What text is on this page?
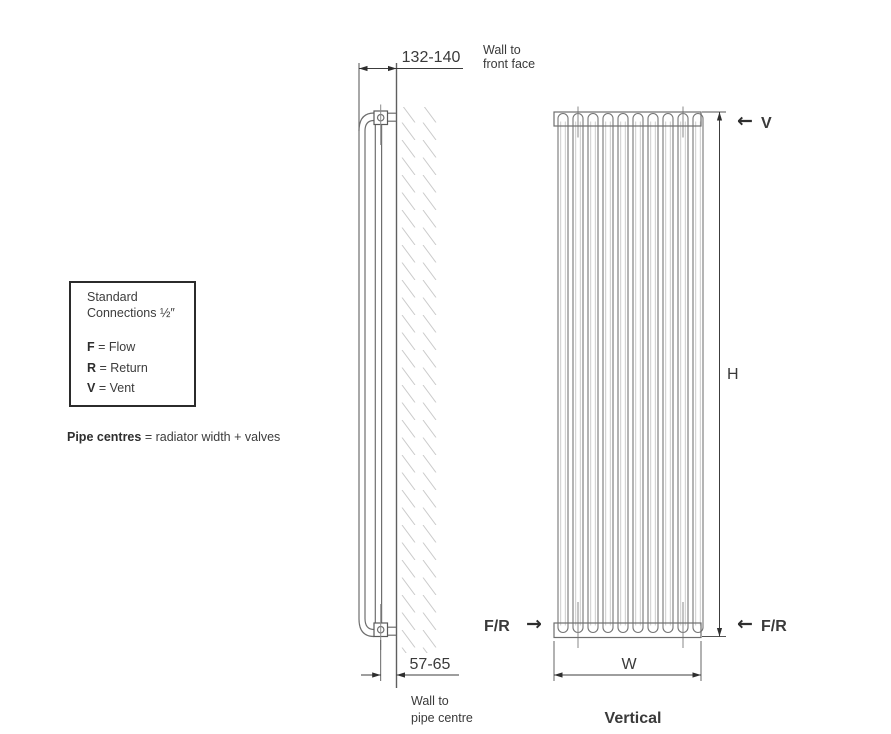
132-140 Wall to
front face
57-65
Wall to
pipe centre
H
W
← V
F/R →	← F/R
Vertical
Standard
Connections ½″
F = Flow
R = Return
V = Vent
Pipe centres = radiator width + valves
